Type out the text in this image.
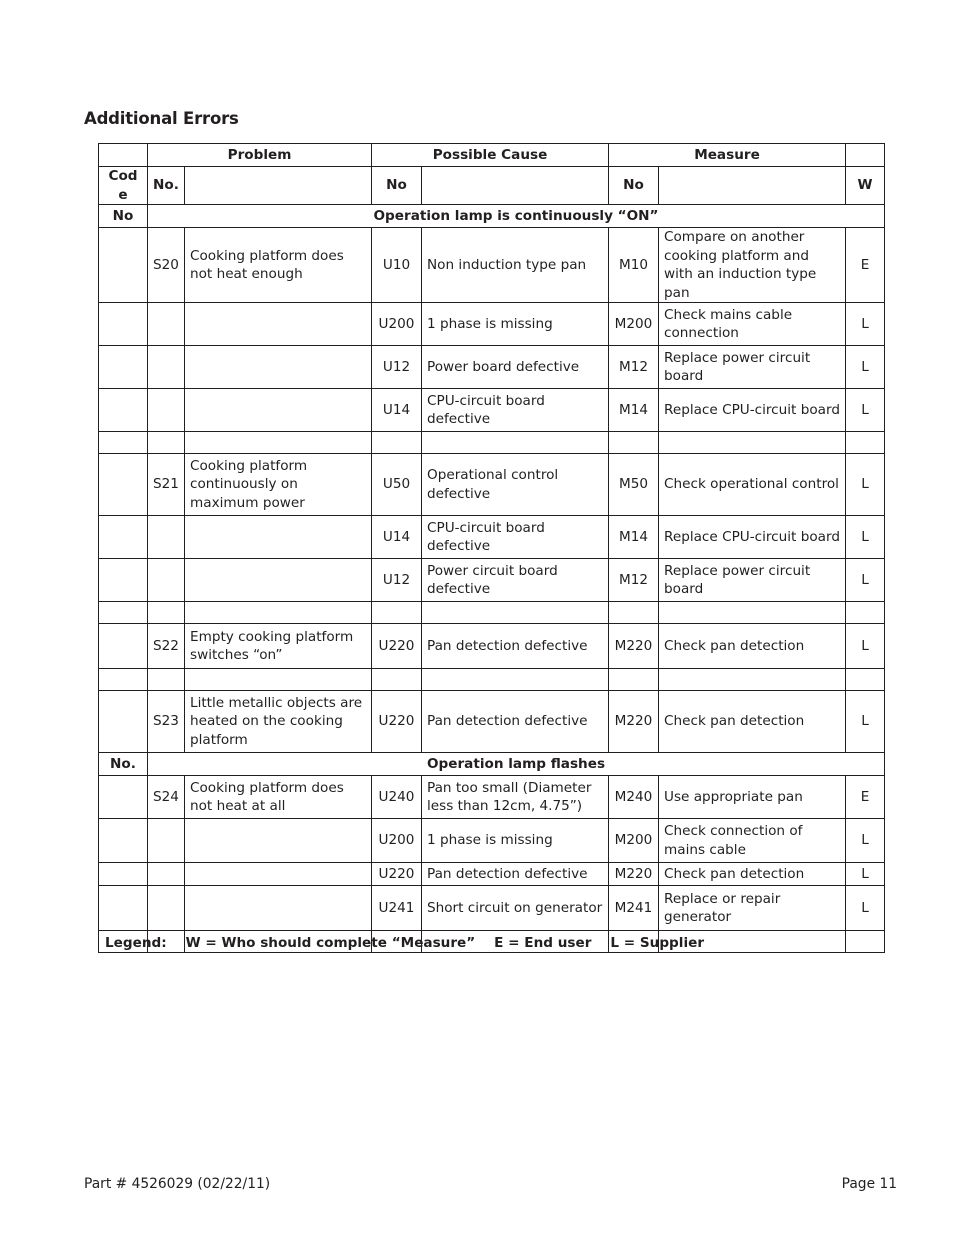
Additional Errors
	Problem		Possible Cause		Measure		
Code	No.		No		No		W
No	Operation lamp is continuously “ON”						
	S20	Cooking platform does not heat enough	U10	Non induction type pan	M10	Compare on another cooking platform and with an induction type pan	E
			U200	1 phase is missing	M200	Check mains cable connection	L
			U12	Power board defective	M12	Replace power circuit board	L
			U14	CPU-circuit board defective	M14	Replace CPU-circuit board	L

	S21	Cooking platform continuously on maximum power	U50	Operational control defective	M50	Check operational control	L
			U14	CPU-circuit board defective	M14	Replace CPU-circuit board	L
			U12	Power circuit board defective	M12	Replace power circuit board	L

	S22	Empty cooking platform switches “on”	U220	Pan detection defective	M220	Check pan detection	L

	S23	Little metallic objects are heated on the cooking platform	U220	Pan detection defective	M220	Check pan detection	L
No.	Operation lamp flashes						
	S24	Cooking platform does not heat at all	U240	Pan too small (Diameter less than 12cm, 4.75”)	M240	Use appropriate pan	E
			U200	1 phase is missing	M200	Check connection of mains cable	L
			U220	Pan detection defective	M220	Check pan detection	L
			U241	Short circuit on generator	M241	Replace or repair generator	L

Legend:    W = Who should complete “Measure”    E = End user    L = Supplier
Part # 4526029 (02/22/11)	Page 11
